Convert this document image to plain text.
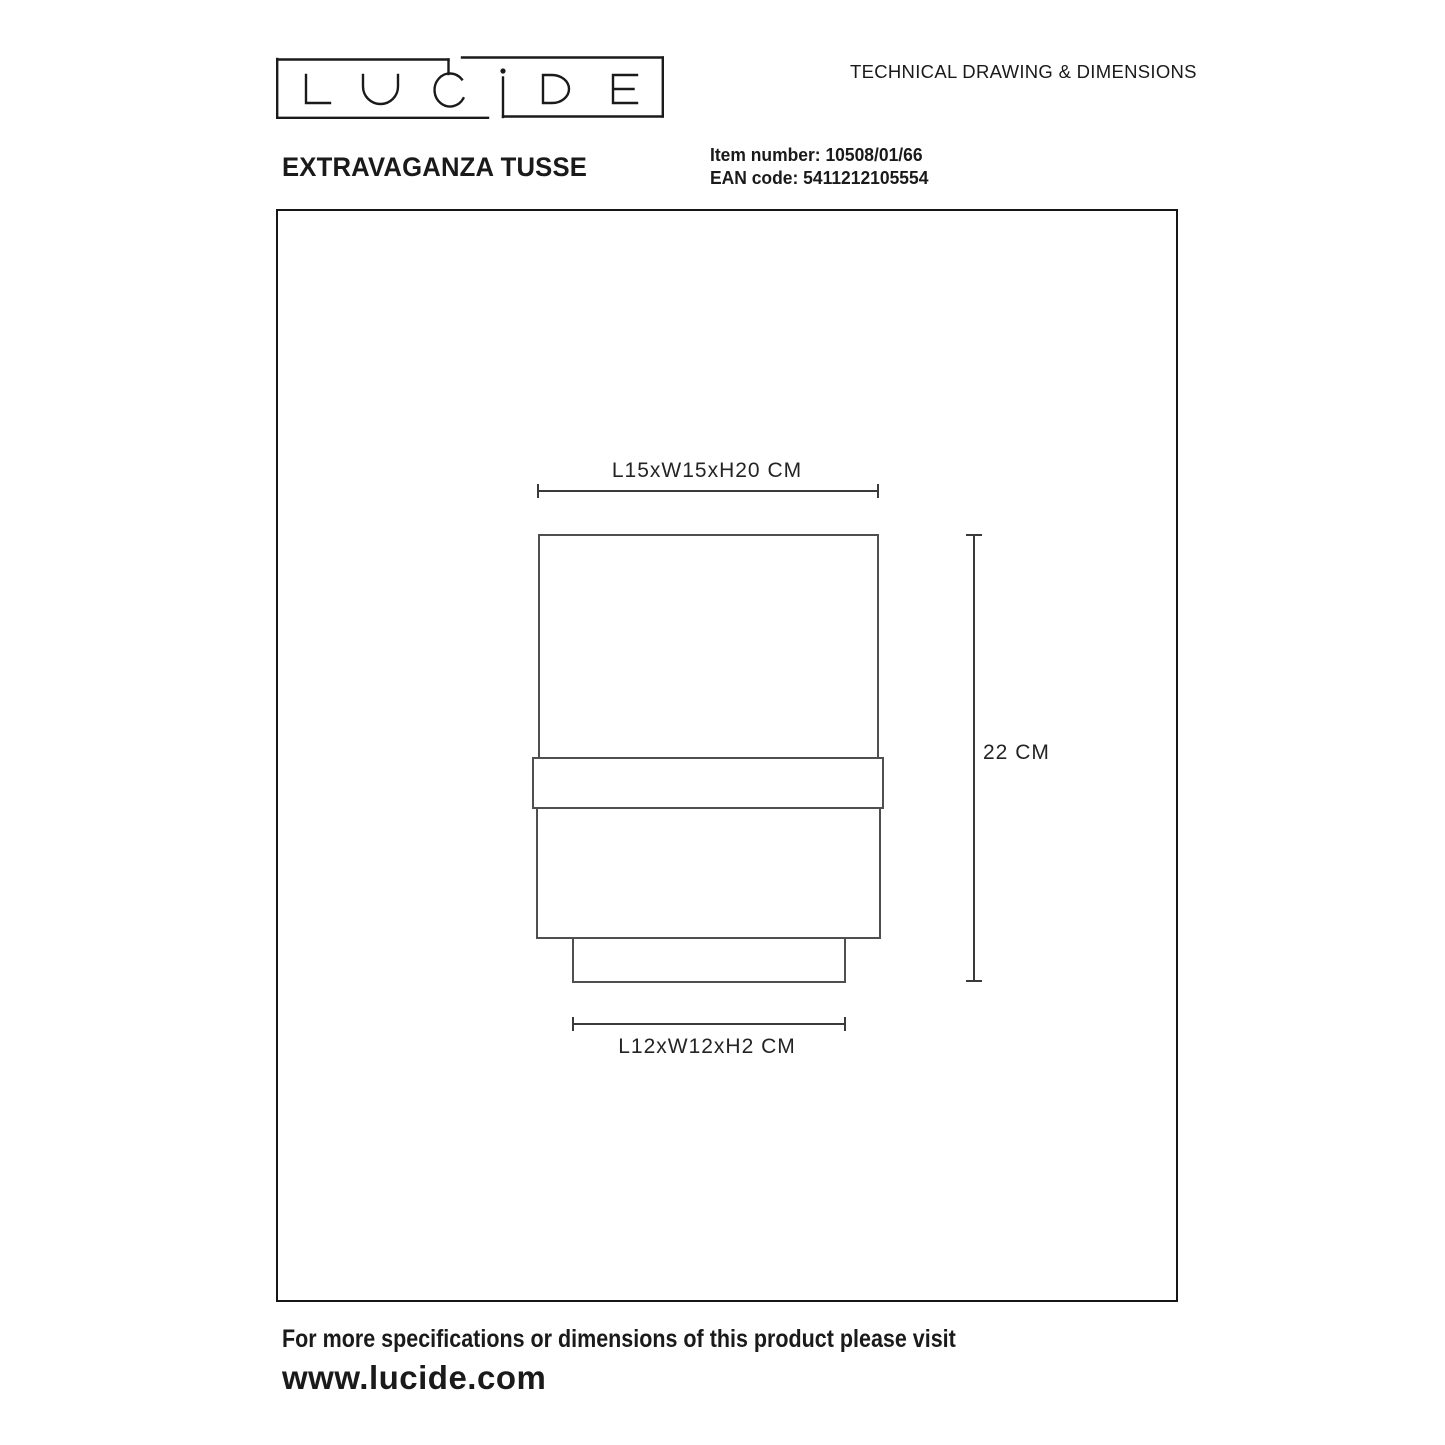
TECHNICAL DRAWING & DIMENSIONS
Item number: 10508/01/66
EAN code: 5411212105554
EXTRAVAGANZA TUSSE
L15xW15xH20 CM
22 CM
L12xW12xH2 CM
For more specifications or dimensions of this product please visit
www.lucide.com
